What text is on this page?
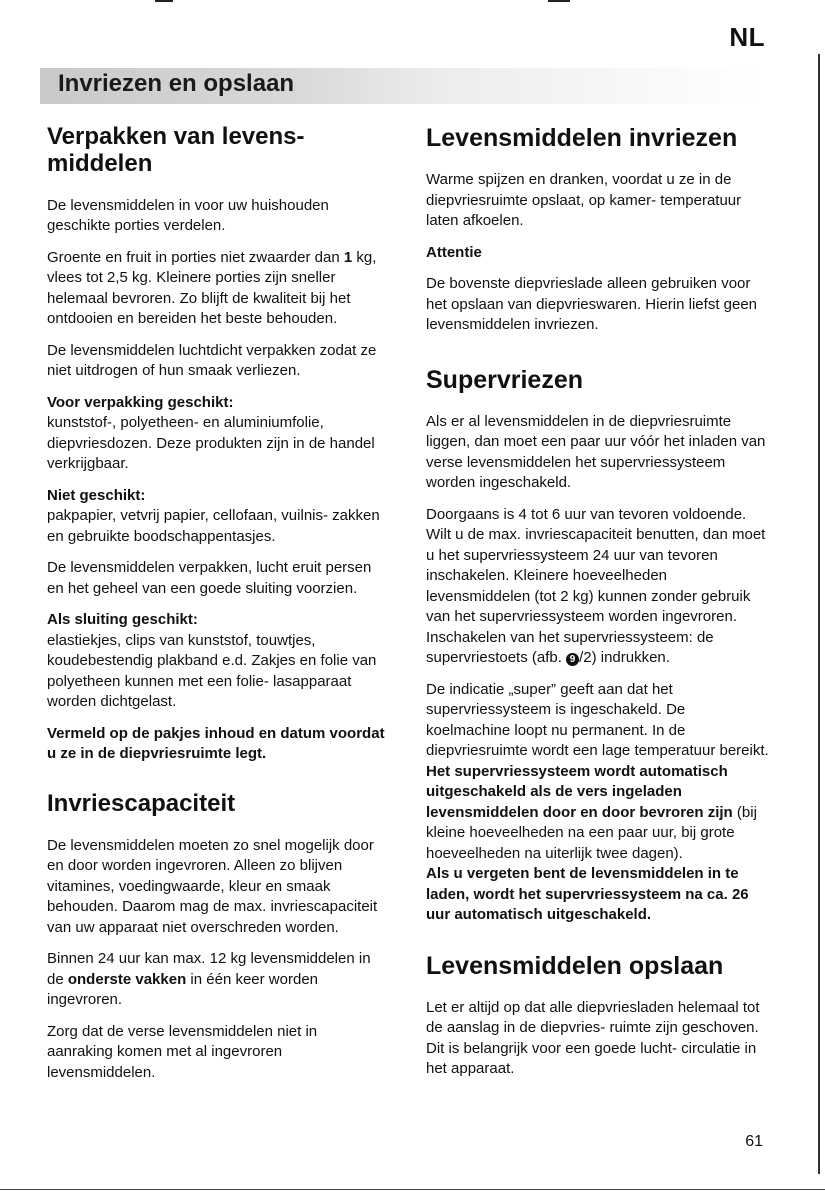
NL
Invriezen en opslaan
Verpakken van levens- middelen

De levensmiddelen in voor uw huishouden geschikte porties verdelen.

Groente en fruit in porties niet zwaarder dan 1 kg, vlees tot 2,5 kg. Kleinere porties zijn sneller helemaal bevroren. Zo blijft de kwaliteit bij het ontdooien en bereiden het beste behouden.

De levensmiddelen luchtdicht verpakken zodat ze niet uitdrogen of hun smaak verliezen.

Voor verpakking geschikt:
kunststof-, polyetheen- en aluminiumfolie, diepvriesdozen. Deze produkten zijn in de handel verkrijgbaar.

Niet geschikt:
pakpapier, vetvrij papier, cellofaan, vuilnis- zakken en gebruikte boodschappentasjes.

De levensmiddelen verpakken, lucht eruit persen en het geheel van een goede sluiting voorzien.

Als sluiting geschikt:
elastiekjes, clips van kunststof, touwtjes, koudebestendig plakband e.d. Zakjes en folie van polyetheen kunnen met een folie- lasapparaat worden dichtgelast.

Vermeld op de pakjes inhoud en datum voordat u ze in de diepvriesruimte legt.

Invriescapaciteit

De levensmiddelen moeten zo snel mogelijk door en door worden ingevroren. Alleen zo blijven vitamines, voedingwaarde, kleur en smaak behouden. Daarom mag de max. invriescapaciteit van uw apparaat niet overschreden worden.

Binnen 24 uur kan max. 12 kg levensmiddelen in de onderste vakken in één keer worden ingevroren.

Zorg dat de verse levensmiddelen niet in aanraking komen met al ingevroren levensmiddelen.

Levensmiddelen invriezen

Warme spijzen en dranken, voordat u ze in de diepvriesruimte opslaat, op kamer- temperatuur laten afkoelen.

Attentie

De bovenste diepvrieslade alleen gebruiken voor het opslaan van diepvrieswaren. Hierin liefst geen levensmiddelen invriezen.

Supervriezen

Als er al levensmiddelen in de diepvriesruimte liggen, dan moet een paar uur vóór het inladen van verse levensmiddelen het supervriessysteem worden ingeschakeld.

Doorgaans is 4 tot 6 uur van tevoren voldoende. Wilt u de max. invriescapaciteit benutten, dan moet u het supervriessysteem 24 uur van tevoren inschakelen. Kleinere hoeveelheden levensmiddelen (tot 2 kg) kunnen zonder gebruik van het supervriessysteem worden ingevroren. Inschakelen van het supervriessysteem: de supervriestoets (afb. 9 /2) indrukken.

De indicatie „super” geeft aan dat het supervriessysteem is ingeschakeld. De koelmachine loopt nu permanent. In de diepvriesruimte wordt een lage temperatuur bereikt.
Het supervriessysteem wordt automatisch uitgeschakeld als de vers ingeladen levensmiddelen door en door bevroren zijn (bij kleine hoeveelheden na een paar uur, bij grote hoeveelheden na uiterlijk twee dagen).
Als u vergeten bent de levensmiddelen in te laden, wordt het supervriessysteem na ca. 26 uur automatisch uitgeschakeld.

Levensmiddelen opslaan

Let er altijd op dat alle diepvriesladen helemaal tot de aanslag in de diepvries- ruimte zijn geschoven.
Dit is belangrijk voor een goede lucht- circulatie in het apparaat.

61
